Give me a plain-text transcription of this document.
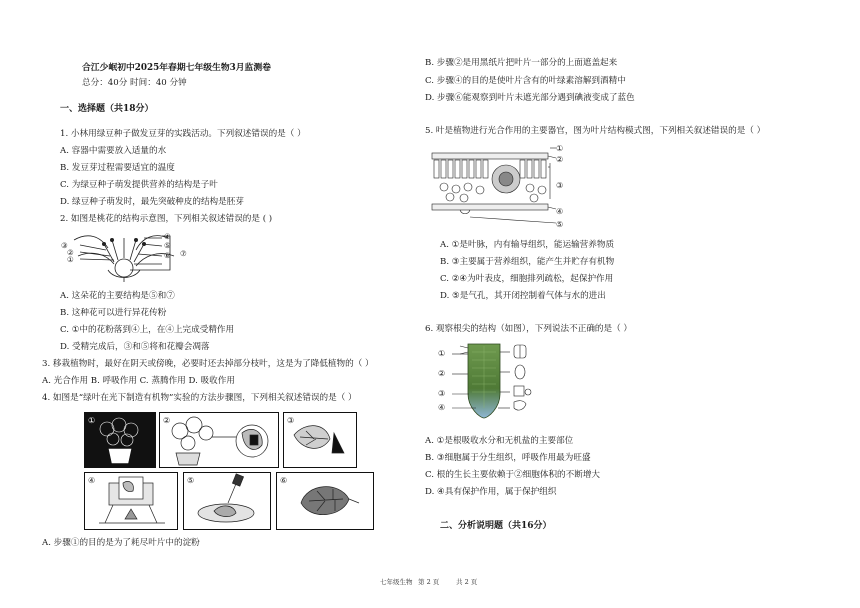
合江少岷初中2025年春期七年级生物3月监测卷
总分：40分 时间：40 分钟
一、选择题（共18分）
1. 小林用绿豆种子做发豆芽的实践活动。下列叙述错误的是（ ）
A. 容器中需要放入适量的水
B. 发豆芽过程需要适宜的温度
C. 为绿豆种子萌发提供营养的结构是子叶
D. 绿豆种子萌发时，最先突破种皮的结构是胚芽
2. 如图是桃花的结构示意图，下列相关叙述错误的是 ( )
③
②
①
④
⑤
⑥ ⑦
A. 这朵花的主要结构是⑤和⑦
B. 这种花可以进行异花传粉
C. ①中的花粉落到④上，在④上完成受精作用
D. 受精完成后，③和⑤将和花瓣会凋落
3. 移栽植物时，最好在阴天或傍晚，必要时还去掉部分枝叶，这是为了降低植物的（ ）
A. 光合作用 B. 呼吸作用 C. 蒸腾作用 D. 吸收作用
4. 如图是“绿叶在光下制造有机物”实验的方法步骤图，下列相关叙述错误的是（ ）
①	②	③
④	⑤	⑥
A. 步骤①的目的是为了耗尽叶片中的淀粉
B. 步骤②是用黑纸片把叶片一部分的上面遮盖起来
C. 步骤④的目的是使叶片含有的叶绿素溶解到酒精中
D. 步骤⑥能观察到叶片未遮光部分遇到碘液变成了蓝色
5. 叶是植物进行光合作用的主要器官，图为叶片结构模式图，下列相关叙述错误的是（ ）
①
②
③
④
⑤
A. ①是叶脉，内有输导组织，能运输营养物质
B. ③主要属于营养组织，能产生并贮存有机物
C. ②④为叶表皮，细胞排列疏松，起保护作用
D. ⑤是气孔，其开闭控制着气体与水的进出
6. 观察根尖的结构（如图），下列说法不正确的是（ ）
①
②
③
④
A. ①是根吸收水分和无机盐的主要部位
B. ③细胞属于分生组织，呼吸作用最为旺盛
C. 根的生长主要依赖于②细胞体积的不断增大
D. ④具有保护作用，属于保护组织
二、分析说明题（共16分）
七年级生物 第 2 页	共 2 页
